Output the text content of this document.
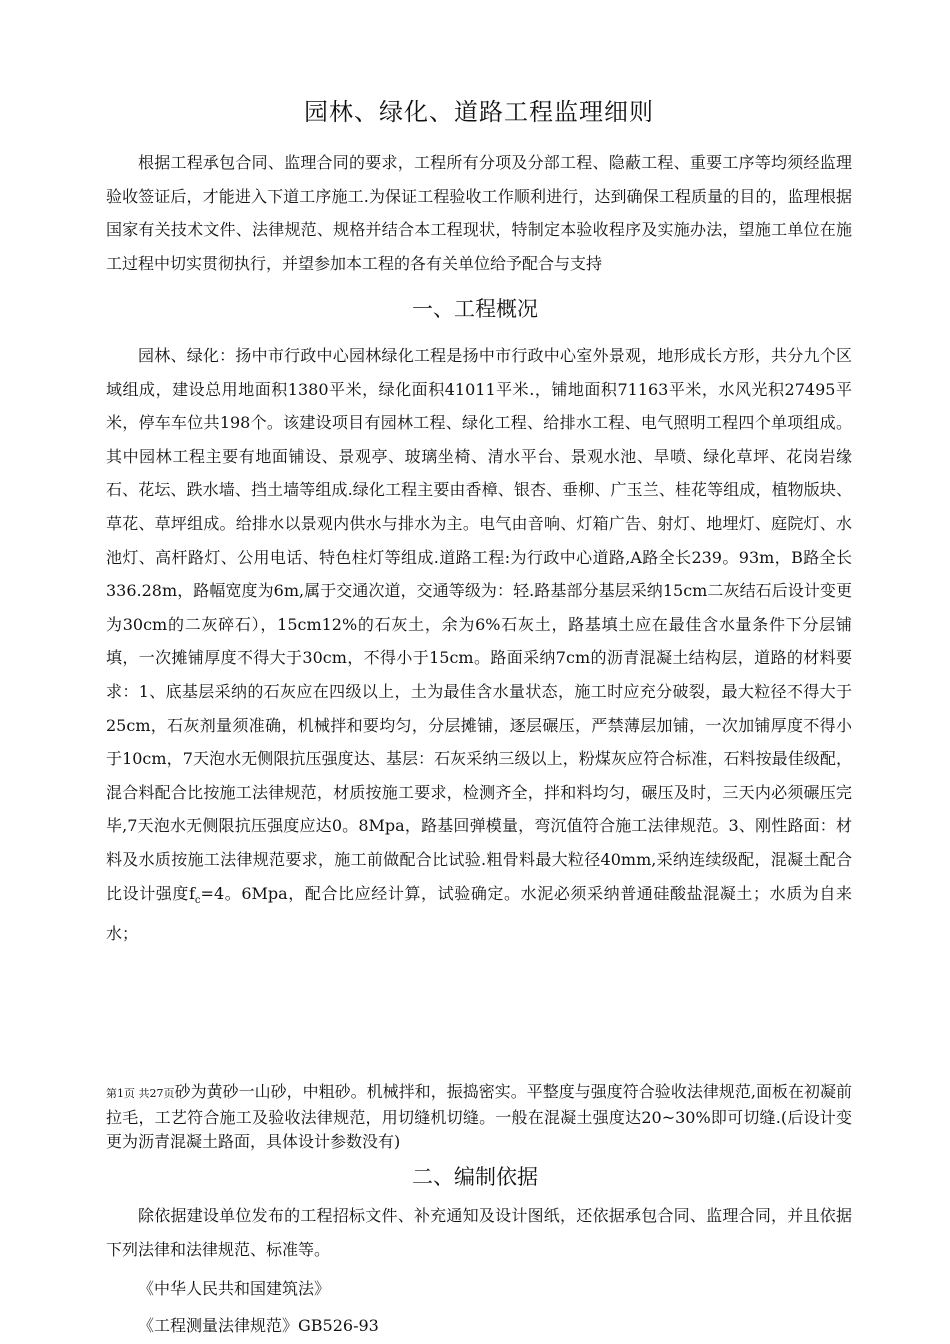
园林、绿化、道路工程监理细则

根据工程承包合同、监理合同的要求，工程所有分项及分部工程、隐蔽工程、重要工序等均须经监理验收签证后，才能进入下道工序施工.为保证工程验收工作顺利进行，达到确保工程质量的目的，监理根据国家有关技术文件、法律规范、规格并结合本工程现状，特制定本验收程序及实施办法，望施工单位在施工过程中切实贯彻执行，并望参加本工程的各有关单位给予配合与支持

一、工程概况

园林、绿化：扬中市行政中心园林绿化工程是扬中市行政中心室外景观，地形成长方形，共分九个区域组成，建设总用地面积1380平米，绿化面积41011平米.，铺地面积71163平米，水风光积27495平米，停车车位共198个。该建设项目有园林工程、绿化工程、给排水工程、电气照明工程四个单项组成。其中园林工程主要有地面铺设、景观亭、玻璃坐椅、清水平台、景观水池、旱喷、绿化草坪、花岗岩缘石、花坛、跌水墙、挡土墙等组成.绿化工程主要由香樟、银杏、垂柳、广玉兰、桂花等组成，植物版块、草花、草坪组成。给排水以景观内供水与排水为主。电气由音响、灯箱广告、射灯、地埋灯、庭院灯、水池灯、高杆路灯、公用电话、特色柱灯等组成.道路工程:为行政中心道路,A路全长239。93m，B路全长336.28m，路幅宽度为6m,属于交通次道，交通等级为：轻.路基部分基层采纳15cm二灰结石后设计变更为30cm的二灰碎石），15cm12%的石灰土，余为6%石灰土，路基填土应在最佳含水量条件下分层铺填，一次摊铺厚度不得大于30cm，不得小于15cm。路面采纳7cm的沥青混凝土结构层，道路的材料要求：1、底基层采纳的石灰应在四级以上，土为最佳含水量状态，施工时应充分破裂，最大粒径不得大于25cm，石灰剂量须准确，机械拌和要均匀，分层摊铺，逐层碾压，严禁薄层加铺，一次加铺厚度不得小于10cm，7天泡水无侧限抗压强度达、基层：石灰采纳三级以上，粉煤灰应符合标准，石料按最佳级配，混合料配合比按施工法律规范，材质按施工要求，检测齐全，拌和料均匀，碾压及时，三天内必须碾压完毕,7天泡水无侧限抗压强度应达0。8Mpa，路基回弹模量，弯沉值符合施工法律规范。3、刚性路面：材料及水质按施工法律规范要求，施工前做配合比试验.粗骨料最大粒径40mm,采纳连续级配，混凝土配合比设计强度$f_c=4$。6Mpa，配合比应经计算，试验确定。水泥必须采纳普通硅酸盐混凝土；水质为自来水；

第1页 共27页砂为黄砂一山砂，中粗砂。机械拌和，振捣密实。平整度与强度符合验收法律规范,面板在初凝前拉毛，工艺符合施工及验收法律规范，用切缝机切缝。一般在混凝土强度达20~30%即可切缝.(后设计变更为沥青混凝土路面，具体设计参数没有)

二、编制依据

除依据建设单位发布的工程招标文件、补充通知及设计图纸，还依据承包合同、监理合同，并且依据下列法律和法律规范、标准等。

《中华人民共和国建筑法》
《工程测量法律规范》GB526-93
